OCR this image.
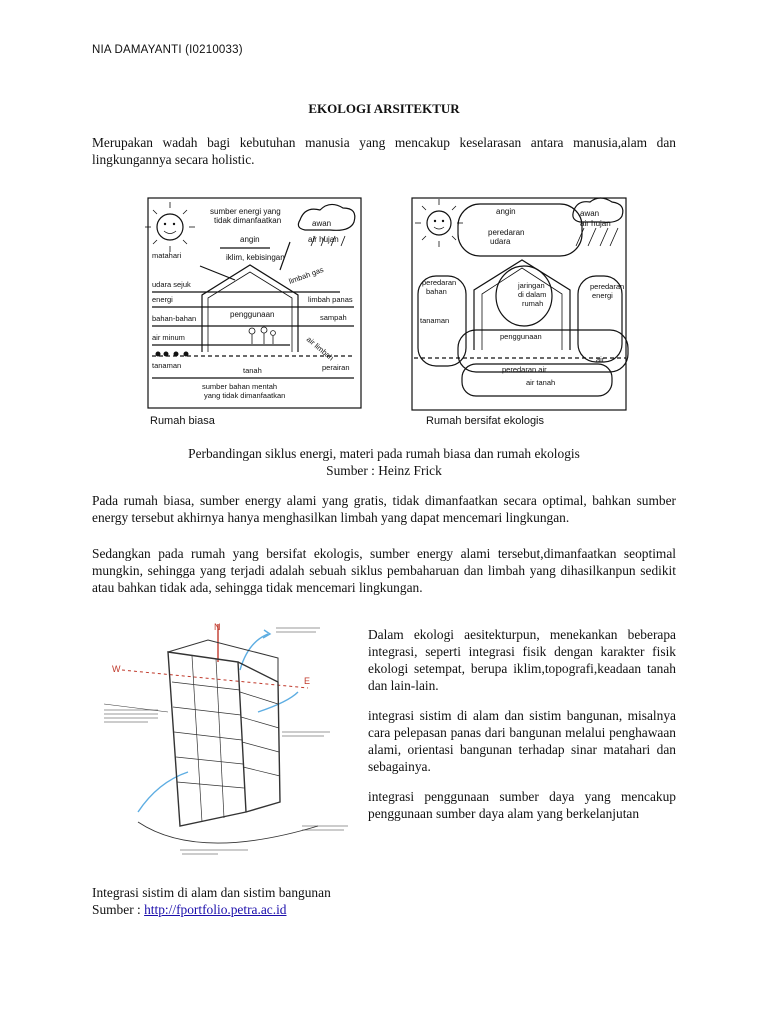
NIA DAMAYANTI (I0210033)
EKOLOGI ARSITEKTUR
Merupakan wadah bagi kebutuhan manusia yang mencakup keselarasan antara manusia,alam dan lingkungannya secara holistic.
sumber energi yang
tidak dimanfaatkan	awan
air hujan
angin
matahari	iklim, kebisingan
udara sejuk	limbah gas
energi	limbah panas
bahan-bahan	penggunaan	sampah
air minum	air limbah
tanaman	perairan
tanah
sumber bahan mentah
yang tidak dimanfaatkan
Rumah biasa
angin	awan
air hujan
peredaran
udara
peredaran
bahan
jaringan
di dalam
rumah
peredaran
energi
tanaman
penggunaan
air
peredaran air
air tanah
Rumah bersifat ekologis
Perbandingan siklus energi, materi pada rumah biasa dan rumah ekologis
Sumber : Heinz Frick
Pada rumah biasa, sumber energy alami yang gratis, tidak dimanfaatkan secara optimal, bahkan sumber energy tersebut akhirnya hanya menghasilkan limbah yang dapat mencemari lingkungan.
Sedangkan pada rumah yang bersifat ekologis, sumber energy alami tersebut,dimanfaatkan seoptimal mungkin, sehingga yang terjadi adalah sebuah siklus pembaharuan dan limbah yang dihasilkanpun sedikit atau bahkan tidak ada, sehingga tidak mencemari lingkungan.
N
W
E

Dalam ekologi aesitekturpun, menekankan beberapa integrasi, seperti integrasi fisik dengan karakter fisik ekologi setempat, berupa iklim,topografi,keadaan tanah dan lain-lain.

integrasi sistim di alam dan sistim bangunan, misalnya cara pelepasan panas dari bangunan melalui penghawaan alami, orientasi bangunan terhadap sinar matahari dan sebagainya.

integrasi penggunaan sumber daya yang mencakup penggunaan sumber daya alam yang berkelanjutan

Integrasi sistim di alam dan sistim bangunan
Sumber : http://fportfolio.petra.ac.id
